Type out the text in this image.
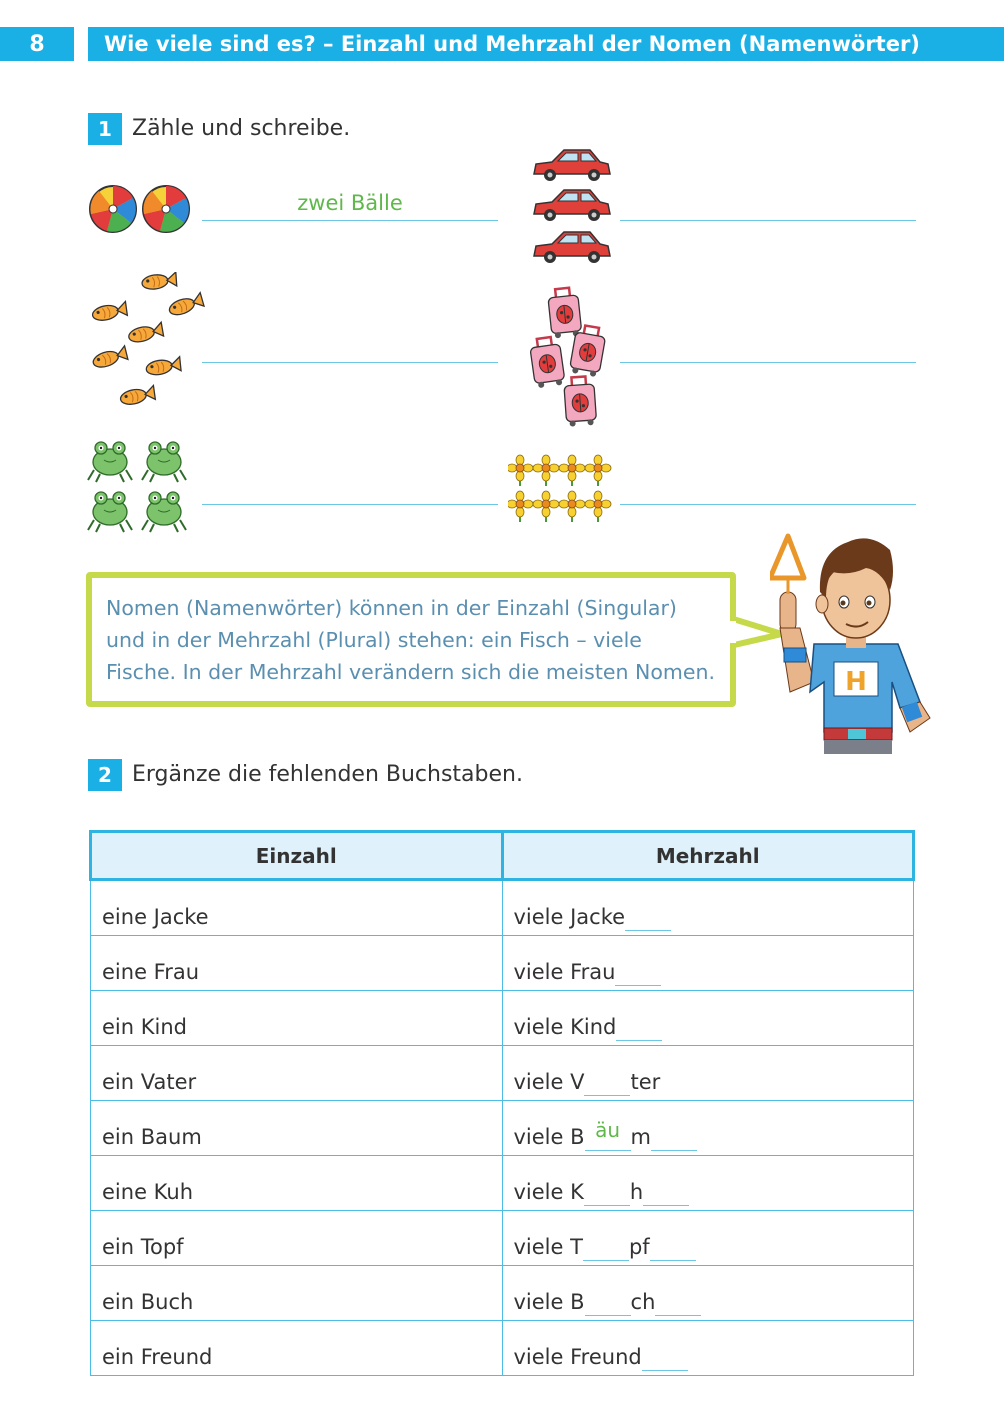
8	Wie viele sind es? – Einzahl und Mehrzahl der Nomen (Namenwörter)
1 Zähle und schreibe.
zwei Bälle
Nomen (Namenwörter) können in der Einzahl (Singular)
und in der Mehrzahl (Plural) stehen: ein Fisch – viele
Fische. In der Mehrzahl verändern sich die meisten Nomen.	H
2 Ergänze die fehlenden Buchstaben.
Einzahl	Mehrzahl
eine Jacke	viele Jacke
eine Frau	viele Frau
ein Kind	viele Kind
ein Vater	viele V ter
ein Baum	viele B äu m
eine Kuh	viele K h
ein Topf	viele T pf
ein Buch	viele B ch
ein Freund	viele Freund
